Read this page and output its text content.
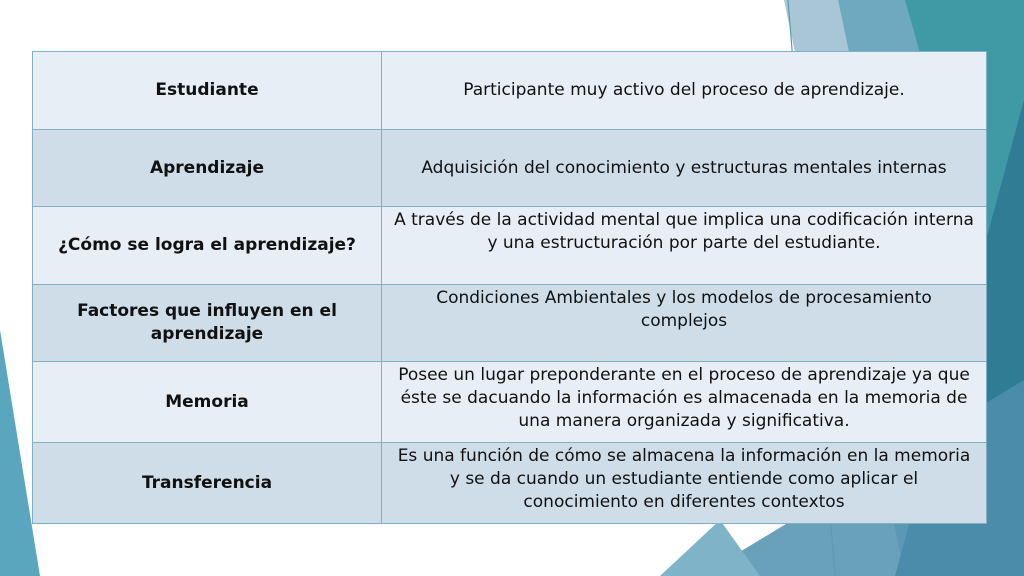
Estudiante	Participante muy activo del proceso de aprendizaje.
Aprendizaje	Adquisición del conocimiento y estructuras mentales internas
¿Cómo se logra el aprendizaje?	A través de la actividad mental que implica una codificación interna y una estructuración por parte del estudiante.
Factores que influyen en el aprendizaje	Condiciones Ambientales y los modelos de procesamiento complejos
Memoria	Posee un lugar preponderante en el proceso de aprendizaje ya que éste se dacuando la información es almacenada en la memoria de una manera organizada y significativa.
Transferencia	Es una función de cómo se almacena la información en la memoria y se da cuando un estudiante entiende como aplicar el conocimiento en diferentes contextos
